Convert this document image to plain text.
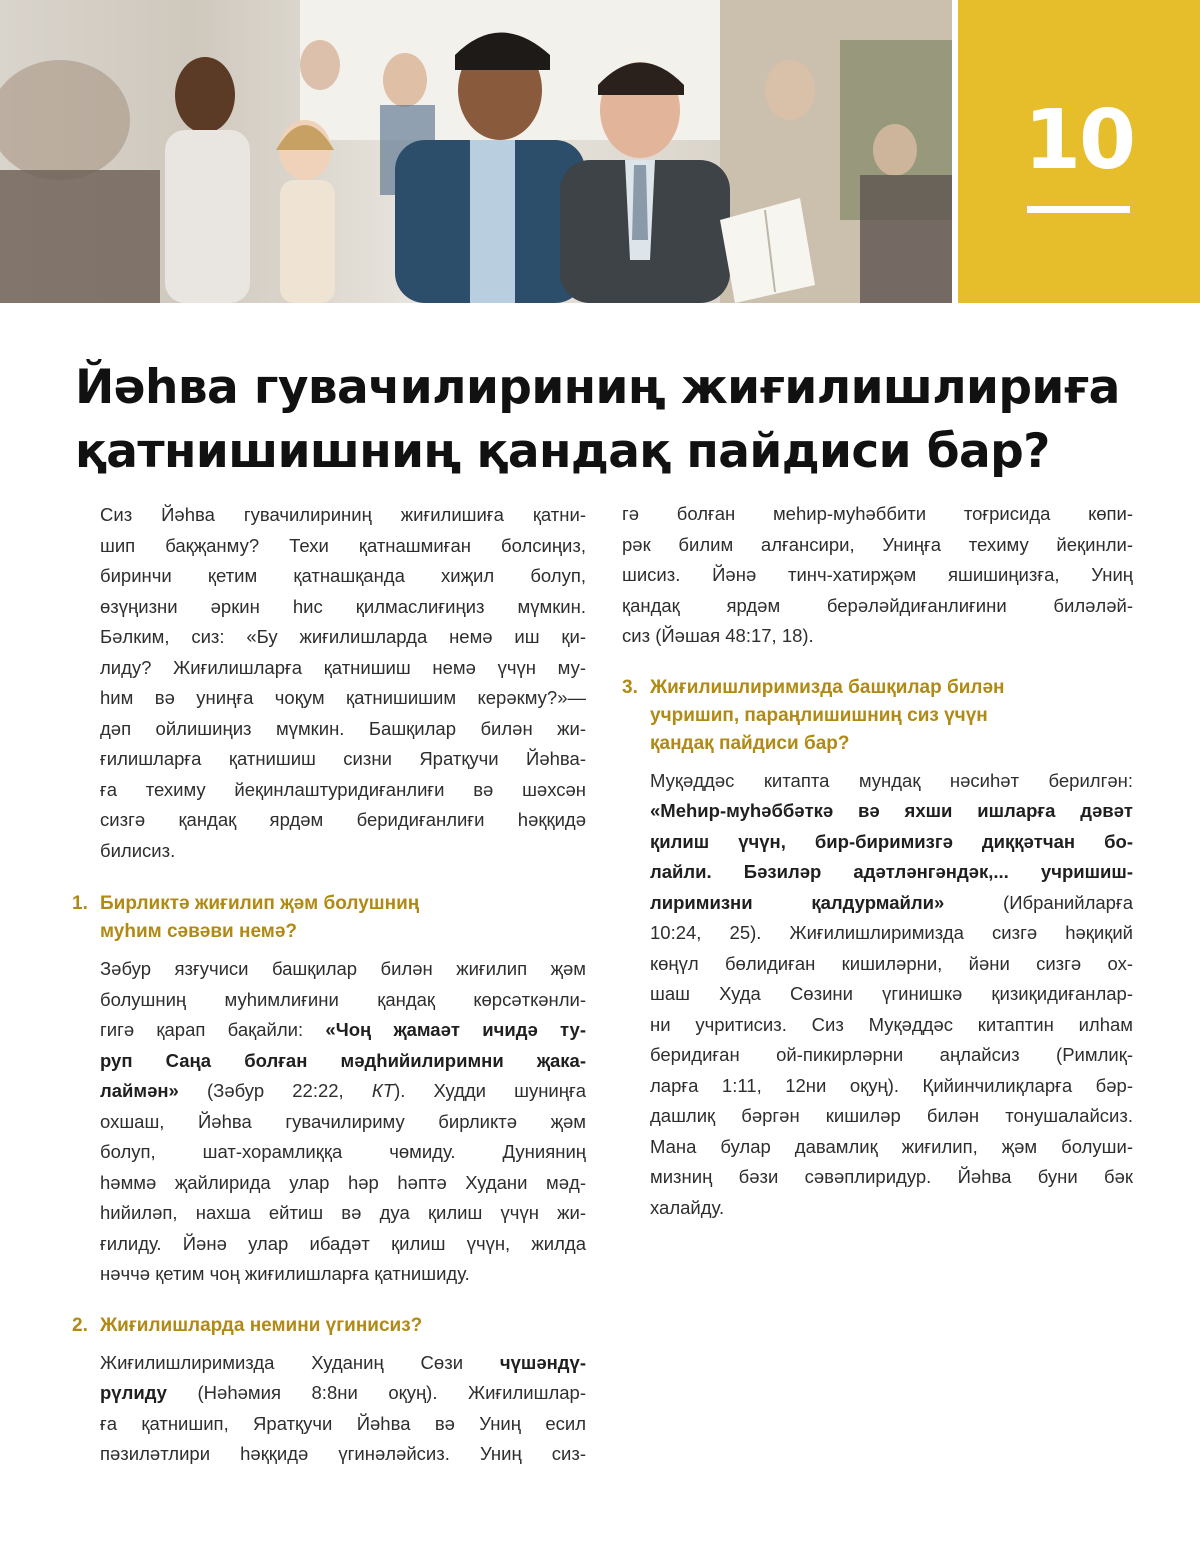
10
Йәһва гувачилириниң жиғилишлириға
қатнишишниң қандақ пайдиси бар?
Сиз Йәһва гувачилириниң жиғилишиға қатни-
шип бақҗанму? Техи қатнашмиған болсиңиз,
биринчи қетим қатнашқанда хиҗил болуп,
өзүңизни әркин һис қилмаслиғиңиз мүмкин.
Бәлким, сиз: «Бу жиғилишларда немә иш қи-
лиду? Жиғилишларға қатнишиш немә үчүн му-
һим вә униңға чоқум қатнишишим керәкму?»—
дәп ойлишиңиз мүмкин. Башқилар билән жи-
ғилишларға қатнишиш сизни Яратқучи Йәһва-
ға техиму йеқинлаштуридиғанлиғи вә шәхсән
сизгә қандақ ярдәм беридиғанлиғи һәққидә
билисиз.
1. Бирликтә жиғилип җәм болушниң
муһим сәвәви немә?
Зәбур язғучиси башқилар билән жиғилип җәм
болушниң муһимлиғини қандақ көрсәткәнли-
гигә қарап бақайли: «Чоң җамаәт ичидә ту-
руп Саңа болған мәдһийилиримни җакa-
лаймән» (Зәбур 22:22, КТ). Худди шуниңға
охшаш, Йәһва гувачилириму бирликтә җәм
болуп, шат-хорамлиққа чөмиду. Дунияниң
һәммә җайлирида улар һәр һәптә Худани мәд-
һийиләп, нахша ейтиш вә дуа қилиш үчүн жи-
ғилиду. Йәнә улар ибадәт қилиш үчүн, жилда
нәччә қетим чоң жиғилишларға қатнишиду.
2. Жиғилишларда немини үгинисиз?
Жиғилишлиримизда Худаниң Сөзи чүшәндү-
рүлиду (Нәһәмия 8:8ни оқуң). Жиғилишлар-
ға қатнишип, Яратқучи Йәһва вә Униң есил
пәзиләтлири һәққидә үгинәләйсиз. Униң сиз-
гә болған меһир-муһәббити тоғрисида көпи-
рәк билим алғансири, Униңға техиму йеқинли-
шисиз. Йәнә тинч-хатирҗәм яшишиңизға, Униң
қандақ ярдәм берәләйдиғанлиғини биләләй-
сиз (Йәшая 48:17, 18).
3. Жиғилишлиримизда башқилар билән
учришип, параңлишишниң сиз үчүн
қандақ пайдиси бар?
Муқәддәс китапта мундақ нәсиһәт берилгән:
«Меһир-муһәббәткә вә яхши ишларға дәвәт
қилиш үчүн, бир-биримизгә диққәтчан бо-
лайли. Бәзиләр адәтләнгәндәк,... учришиш-
лиримизни қалдурмайли» (Ибранийларға
10:24, 25). Жиғилишлиримизда сизгә һәқиқий
көңүл бөлидиған кишиләрни, йәни сизгә ох-
шаш Худа Сөзини үгинишкә қизиқидиғанлар-
ни учритисиз. Сиз Муқәддәс китаптин илһам
беридиған ой-пикирләрни аңлайсиз (Римлиқ-
ларға 1:11, 12ни оқуң). Қийинчилиқларға бәр-
дашлиқ бәргән кишиләр билән тонушалайсиз.
Мана булар давамлиқ жиғилип, җәм болуши-
мизниң бәзи сәвәплиридур. Йәһва буни бәк
халайду.
